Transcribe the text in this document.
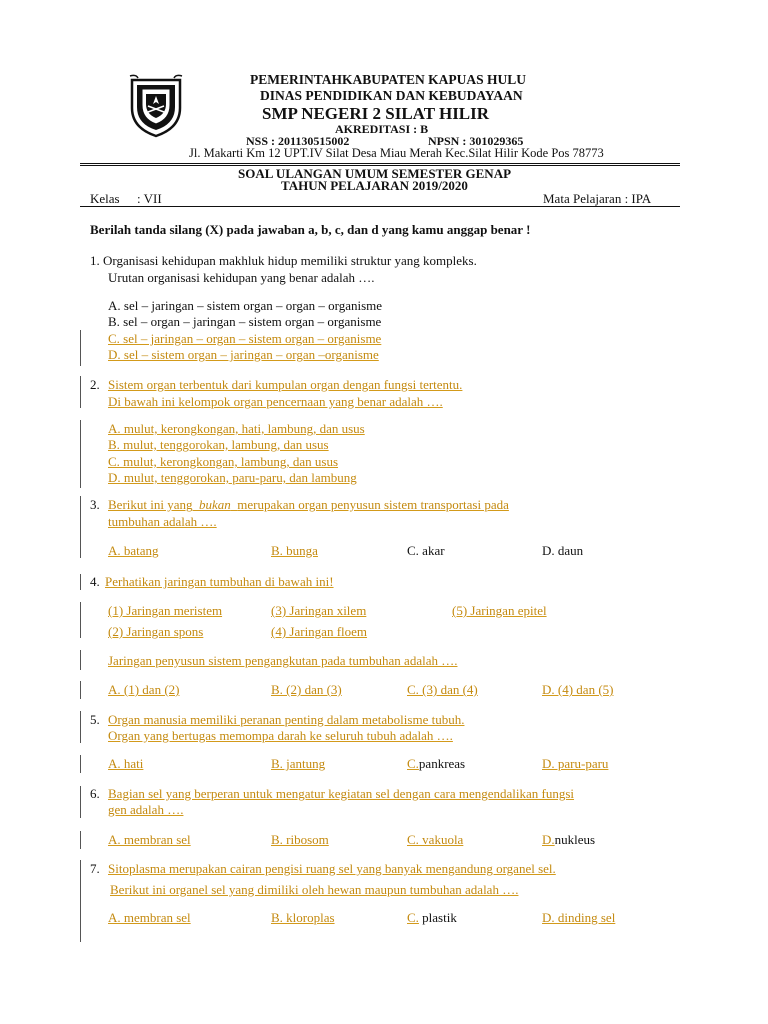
PEMERINTAHKABUPATEN KAPUAS HULU
DINAS PENDIDIKAN DAN KEBUDAYAAN
SMP NEGERI 2 SILAT HILIR
AKREDITASI : B
NSS : 201130515002	NPSN : 301029365
Jl. Makarti Km 12 UPT.IV Silat Desa Miau Merah Kec.Silat Hilir Kode Pos 78773
SOAL ULANGAN UMUM SEMESTER GENAP
TAHUN PELAJARAN 2019/2020
Kelas : VII	Mata Pelajaran : IPA
Berilah tanda silang (X) pada jawaban a, b, c, dan d yang kamu anggap benar !
1. Organisasi kehidupan makhluk hidup memiliki struktur yang kompleks.
Urutan organisasi kehidupan yang benar adalah ….
A. sel – jaringan – sistem organ – organ – organisme
B. sel – organ – jaringan – sistem organ – organisme
C. sel – jaringan – organ – sistem organ – organisme
D. sel – sistem organ – jaringan – organ –organisme
2. Sistem organ terbentuk dari kumpulan organ dengan fungsi tertentu.
Di bawah ini kelompok organ pencernaan yang benar adalah ….
A. mulut, kerongkongan, hati, lambung, dan usus
B. mulut, tenggorokan, lambung, dan usus
C. mulut, kerongkongan, lambung, dan usus
D. mulut, tenggorokan, paru-paru, dan lambung
3. Berikut ini yang bukan merupakan organ penyusun sistem transportasi pada
tumbuhan adalah ….
A. batang	B. bunga	C. akar	D. daun
4. Perhatikan jaringan tumbuhan di bawah ini!
(1) Jaringan meristem	(3) Jaringan xilem	(5) Jaringan epitel
(2) Jaringan spons	(4) Jaringan floem
Jaringan penyusun sistem pengangkutan pada tumbuhan adalah ….
A. (1) dan (2)	B. (2) dan (3)	C. (3) dan (4)	D. (4) dan (5)
5. Organ manusia memiliki peranan penting dalam metabolisme tubuh.
Organ yang bertugas memompa darah ke seluruh tubuh adalah ….
A. hati	B. jantung	C.pankreas	D. paru-paru
6. Bagian sel yang berperan untuk mengatur kegiatan sel dengan cara mengendalikan fungsi
gen adalah ….
A. membran sel	B. ribosom	C. vakuola	D.nukleus
7. Sitoplasma merupakan cairan pengisi ruang sel yang banyak mengandung organel sel.
Berikut ini organel sel yang dimiliki oleh hewan maupun tumbuhan adalah ….
A. membran sel	B. kloroplas	C. plastik	D. dinding sel
